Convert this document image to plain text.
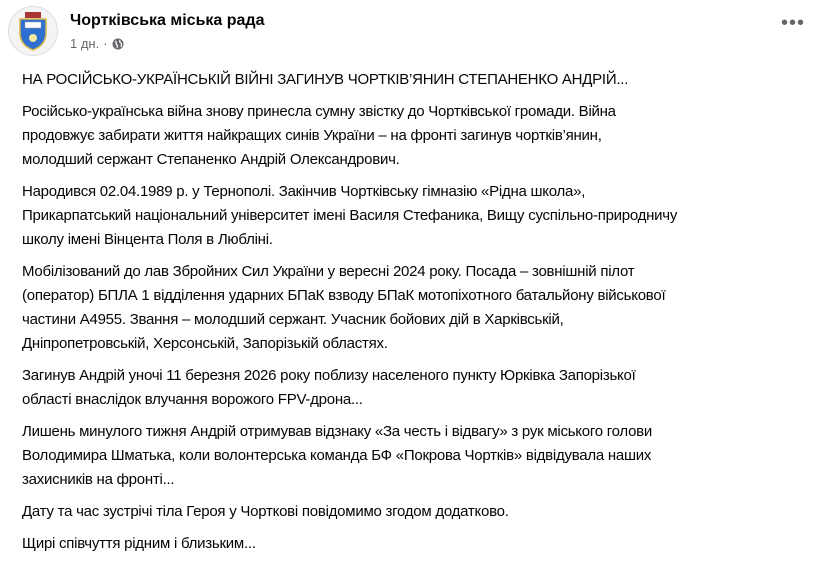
Чортківська міська рада
1 дн. ·
•••
НА РОСІЙСЬКО-УКРАЇНСЬКІЙ ВІЙНІ ЗАГИНУВ ЧОРТКІВ’ЯНИН СТЕПАНЕНКО АНДРІЙ...
Російсько-українська війна знову принесла сумну звістку до Чортківської громади. Війна
продовжує забирати життя найкращих синів України – на фронті загинув чортків’янин,
молодший сержант Степаненко Андрій Олександрович.
Народився 02.04.1989 р. у Тернополі. Закінчив Чортківську гімназію «Рідна школа»,
Прикарпатський національний університет імені Василя Стефаника, Вищу суспільно-природничу
школу імені Вінцента Поля в Любліні.
Мобілізований до лав Збройних Сил України у вересні 2024 року. Посада – зовнішній пілот
(оператор) БПЛА 1 відділення ударних БПаК взводу БПаК мотопіхотного батальйону військової
частини А4955. Звання – молодший сержант. Учасник бойових дій в Харківській,
Дніпропетровській, Херсонській, Запорізькій областях.
Загинув Андрій уночі 11 березня 2026 року поблизу населеного пункту Юрківка Запорізької
області внаслідок влучання ворожого FPV-дрона...
Лишень минулого тижня Андрій отримував відзнаку «За честь і відвагу» з рук міського голови
Володимира Шматька, коли волонтерська команда БФ «Покрова Чортків» відвідувала наших
захисників на фронті...
Дату та час зустрічі тіла Героя у Чорткові повідомимо згодом додатково.
Щирі співчуття рідним і близьким...
